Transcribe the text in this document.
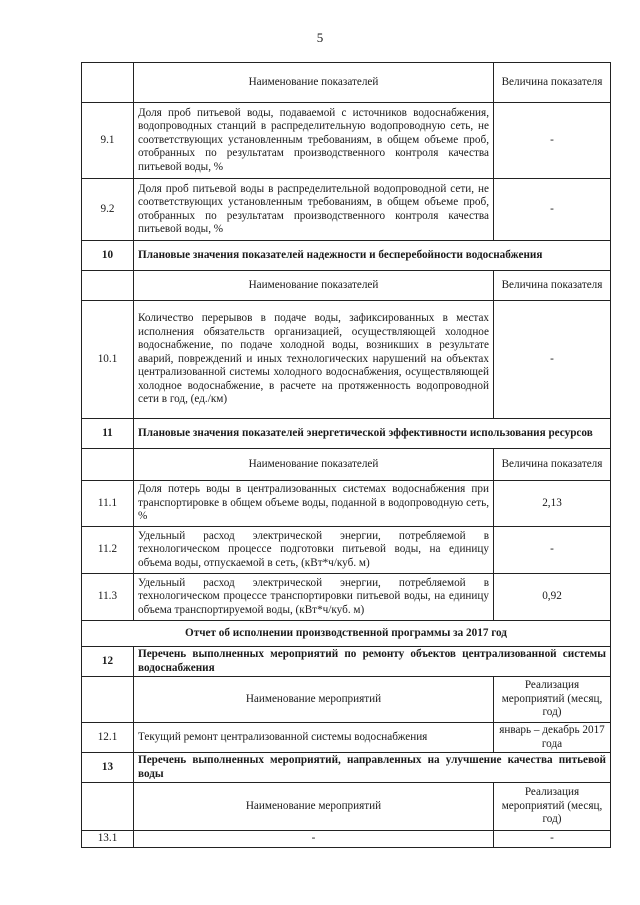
5
	Наименование показателей	Величина показателя
9.1	Доля проб питьевой воды, подаваемой с источников водоснабжения, водопроводных станций в распределительную водопроводную сеть, не соответствующих установленным требованиям, в общем объеме проб, отобранных по результатам производственного контроля качества питьевой воды, %	-
9.2	Доля проб питьевой воды в распределительной водопроводной сети, не соответствующих установленным требованиям, в общем объеме проб, отобранных по результатам производственного контроля качества питьевой воды, %	-
10	Плановые значения показателей надежности и бесперебойности водоснабжения	
	Наименование показателей	Величина показателя
10.1	Количество перерывов в подаче воды, зафиксированных в местах исполнения обязательств организацией, осуществляющей холодное водоснабжение, по подаче холодной воды, возникших в результате аварий, повреждений и иных технологических нарушений на объектах централизованной системы холодного водоснабжения, осуществляющей холодное водоснабжение, в расчете на протяженность водопроводной сети в год, (ед./км)	-
11	Плановые значения показателей энергетической эффективности использования ресурсов	
	Наименование показателей	Величина показателя
11.1	Доля потерь воды в централизованных системах водоснабжения при транспортировке в общем объеме воды, поданной в водопроводную сеть, %	2,13
11.2	Удельный расход электрической энергии, потребляемой в технологическом процессе подготовки питьевой воды, на единицу объема воды, отпускаемой в сеть, (кВт*ч/куб. м)	-
11.3	Удельный расход электрической энергии, потребляемой в технологическом процессе транспортировки питьевой воды, на единицу объема транспортируемой воды, (кВт*ч/куб. м)	0,92
Отчет об исполнении производственной программы за 2017 год		
12	Перечень выполненных мероприятий по ремонту объектов централизованной системы водоснабжения	
	Наименование мероприятий	Реализация мероприятий (месяц, год)
12.1	Текущий ремонт централизованной системы водоснабжения	январь – декабрь 2017 года
13	Перечень выполненных мероприятий, направленных на улучшение качества питьевой воды	
	Наименование мероприятий	Реализация мероприятий (месяц, год)
13.1	-	-
